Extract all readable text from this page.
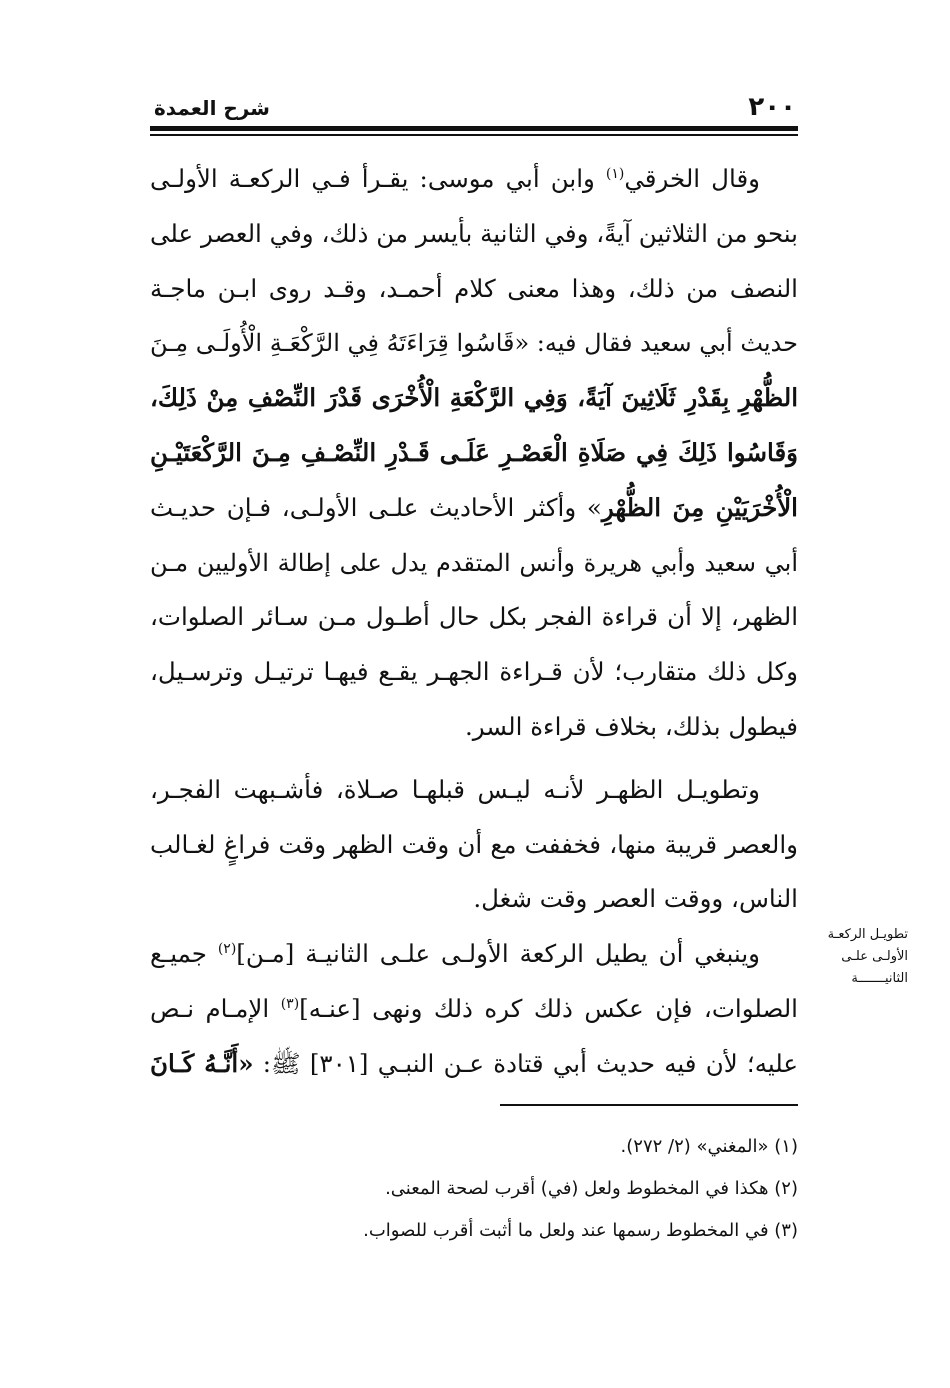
٢٠٠
شرح العمدة
وقال الخرقي$^{(١)}$ وابن أبي موسى: يقـرأ فـي الركعـة الأولـى
بنحو من الثلاثين آيةً، وفي الثانية بأيسر من ذلك، وفي العصر على
النصف من ذلك، وهذا معنى كلام أحمـد، وقـد روى ابـن ماجـة
حديث أبي سعيد فقال فيه: «قَاسُوا قِرَاءَتَهُ فِي الرَّكْعَـةِ الْأُولَـى مِـنَ
الظُّهْرِ بِقَدْرِ ثَلَاثِينَ آيَةً، وَفِي الرَّكْعَةِ الْأُخْرَى قَدْرَ النِّصْفِ مِنْ ذَلِكَ،
وَقَاسُوا ذَلِكَ فِي صَلَاةِ الْعَصْـرِ عَلَـى قَـدْرِ النِّصْـفِ مِـنَ الرَّكْعَتَيْـنِ
الْأُخْرَيَيْنِ مِنَ الظُّهْرِ» وأكثر الأحاديث علـى الأولـى، فـإن حديـث
أبي سعيد وأبي هريرة وأنس المتقدم يدل على إطالة الأوليين مـن
الظهر، إلا أن قراءة الفجر بكل حال أطـول مـن سـائر الصلوات،
وكل ذلك متقارب؛ لأن قـراءة الجهـر يقـع فيهـا ترتيـل وترسـيل،
فيطول بذلك، بخلاف قراءة السر.
وتطويـل الظهـر لأنـه ليـس قبلهـا صـلاة، فأشـبهت الفجـر،
والعصر قريبة منها، فخففت مع أن وقت الظهر وقت فراغٍ لغـالب
الناس، ووقت العصر وقت شغل.
وينبغي أن يطيل الركعة الأولـى علـى الثانيـة [مـن]$^{(٢)}$ جميـع
الصلوات، فإن عكس ذلك كره ذلك ونهى [عنـه]$^{(٣)}$ الإمـام نـص
عليه؛ لأن فيه حديث أبي قتادة عـن النبـي [٣٠١] ﷺ: «أَنَّـهُ كَـانَ
تطويـل الركعـة
الأولـى علـى
الثانيـــــــة
(١) «المغني» (٢/ ٢٧٢).
(٢) هكذا في المخطوط ولعل (في) أقرب لصحة المعنى.
(٣) في المخطوط رسمها عند ولعل ما أثبت أقرب للصواب.
